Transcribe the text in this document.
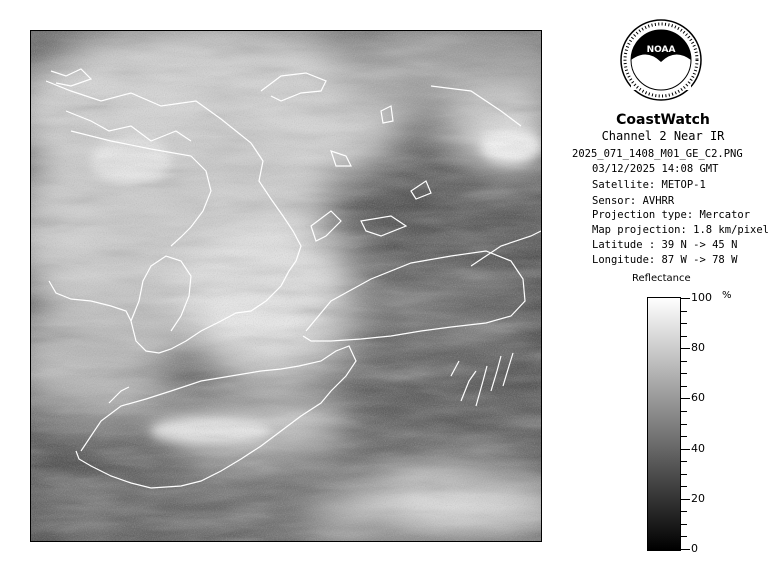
NOAA
CoastWatch
Channel 2 Near IR
2025_071_1408_M01_GE_C2.PNG
03/12/2025 14:08 GMT
Satellite: METOP-1
Sensor: AVHRR
Projection type: Mercator
Map projection: 1.8 km/pixel
Latitude : 39 N -> 45 N
Longitude: 87 W -> 78 W
Reflectance
%
100
80
60
40
20
0
